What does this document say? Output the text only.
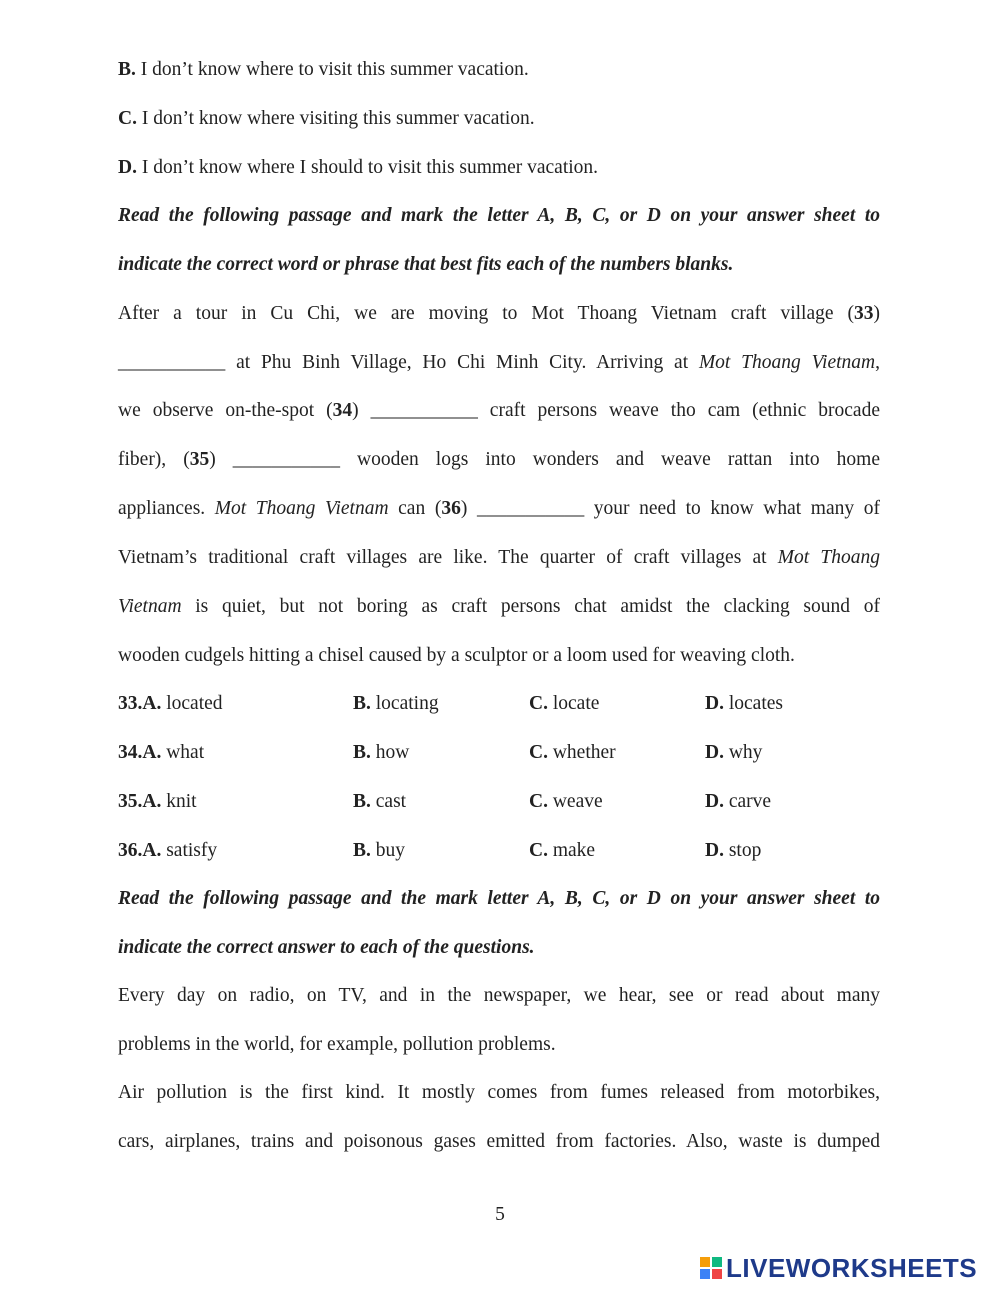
B. I don’t know where to visit this summer vacation.
C. I don’t know where visiting this summer vacation.
D. I don’t know where I should to visit this summer vacation.
Read the following passage and mark the letter A, B, C, or D on your answer sheet to
indicate the correct word or phrase that best fits each of the numbers blanks.
After a tour in Cu Chi, we are moving to Mot Thoang Vietnam craft village (33)
___________ at Phu Binh Village, Ho Chi Minh City. Arriving at Mot Thoang Vietnam,
we observe on-the-spot (34) ___________ craft persons weave tho cam (ethnic brocade
fiber), (35) ___________ wooden logs into wonders and weave rattan into home
appliances. Mot Thoang Vietnam can (36) ___________ your need to know what many of
Vietnam’s traditional craft villages are like. The quarter of craft villages at Mot Thoang
Vietnam is quiet, but not boring as craft persons chat amidst the clacking sound of
wooden cudgels hitting a chisel caused by a sculptor or a loom used for weaving cloth.
33.A. located	B. locating	C. locate	D. locates
34.A. what	B. how	C. whether	D. why
35.A. knit	B. cast	C. weave	D. carve
36.A. satisfy	B. buy	C. make	D. stop
Read the following passage and the mark letter A, B, C, or D on your answer sheet to
indicate the correct answer to each of the questions.
Every day on radio, on TV, and in the newspaper, we hear, see or read about many
problems in the world, for example, pollution problems.
Air pollution is the first kind. It mostly comes from fumes released from motorbikes,
cars, airplanes, trains and poisonous gases emitted from factories. Also, waste is dumped
5
LIVEWORKSHEETS
